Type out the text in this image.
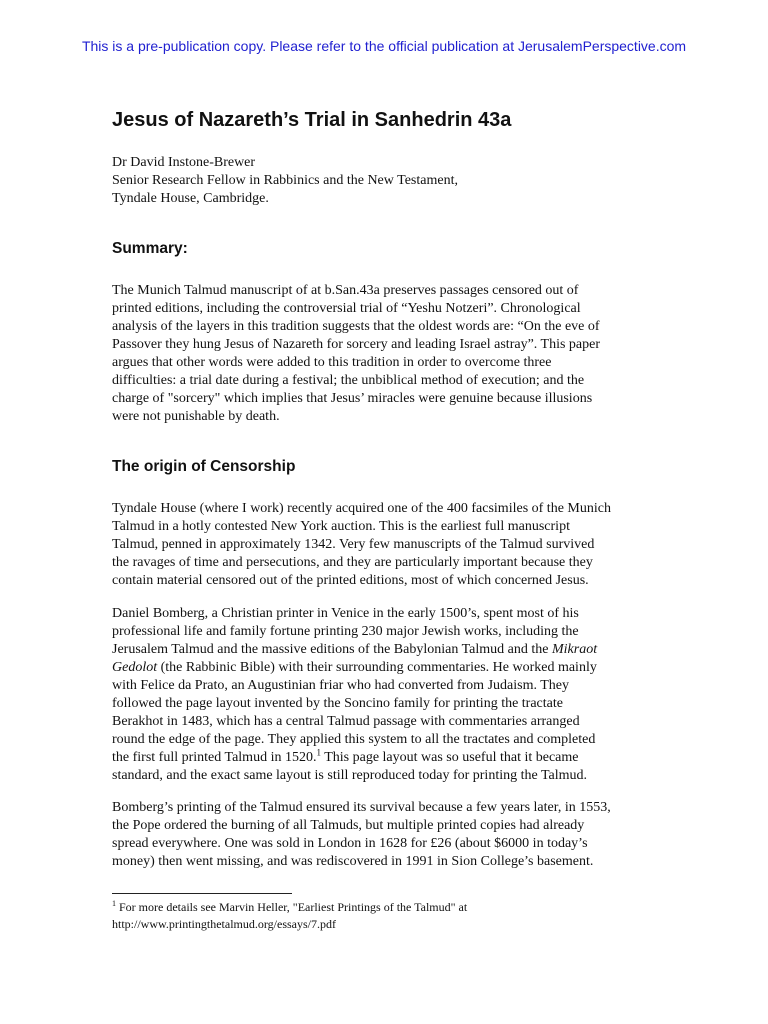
This is a pre-publication copy. Please refer to the official publication at JerusalemPerspective.com
Jesus of Nazareth’s Trial in Sanhedrin 43a
Dr David Instone-Brewer
Senior Research Fellow in Rabbinics and the New Testament,
Tyndale House, Cambridge.
Summary:

The Munich Talmud manuscript of at b.San.43a preserves passages censored out of
printed editions, including the controversial trial of “Yeshu Notzeri”. Chronological
analysis of the layers in this tradition suggests that the oldest words are: “On the eve of
Passover they hung Jesus of Nazareth for sorcery and leading Israel astray”. This paper
argues that other words were added to this tradition in order to overcome three
difficulties: a trial date during a festival; the unbiblical method of execution; and the
charge of "sorcery" which implies that Jesus’ miracles were genuine because illusions
were not punishable by death.

The origin of Censorship

Tyndale House (where I work) recently acquired one of the 400 facsimiles of the Munich
Talmud in a hotly contested New York auction. This is the earliest full manuscript
Talmud, penned in approximately 1342. Very few manuscripts of the Talmud survived
the ravages of time and persecutions, and they are particularly important because they
contain material censored out of the printed editions, most of which concerned Jesus.

Daniel Bomberg, a Christian printer in Venice in the early 1500’s, spent most of his
professional life and family fortune printing 230 major Jewish works, including the
Jerusalem Talmud and the massive editions of the Babylonian Talmud and the Mikraot
Gedolot (the Rabbinic Bible) with their surrounding commentaries. He worked mainly
with Felice da Prato, an Augustinian friar who had converted from Judaism. They
followed the page layout invented by the Soncino family for printing the tractate
Berakhot in 1483, which has a central Talmud passage with commentaries arranged
round the edge of the page. They applied this system to all the tractates and completed
the first full printed Talmud in 1520.$^1$ This page layout was so useful that it became
standard, and the exact same layout is still reproduced today for printing the Talmud.

Bomberg’s printing of the Talmud ensured its survival because a few years later, in 1553,
the Pope ordered the burning of all Talmuds, but multiple printed copies had already
spread everywhere. One was sold in London in 1628 for £26 (about $6000 in today’s
money) then went missing, and was rediscovered in 1991 in Sion College’s basement.

$^1$ For more details see Marvin Heller, "Earliest Printings of the Talmud" at
http://www.printingthetalmud.org/essays/7.pdf
